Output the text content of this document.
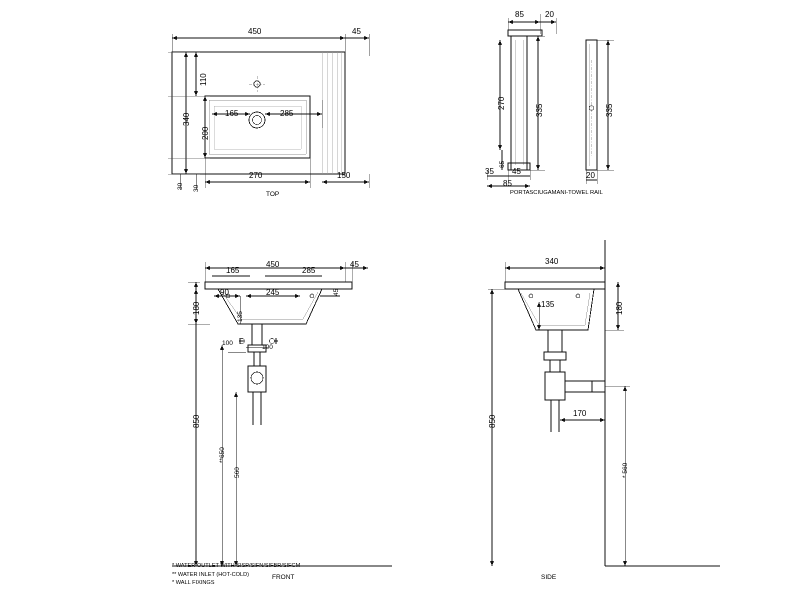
450	45
110
340
200
165	285
270	150
30 30
TOP
85	20
270
335	335
65
35 45
85
20
PORTASCIUGAMANI-TOWEL RAIL
165
450
285
45
90	245	45
180
135
100
100
850
**650
560
FRONT
340
135	180
170
850
* 560
SIDE
* WATER OUTLET WITH SISP/SIFN/SIFBR/SIFCM
** WATER INLET (HOT-COLD)
* WALL FIXINGS
